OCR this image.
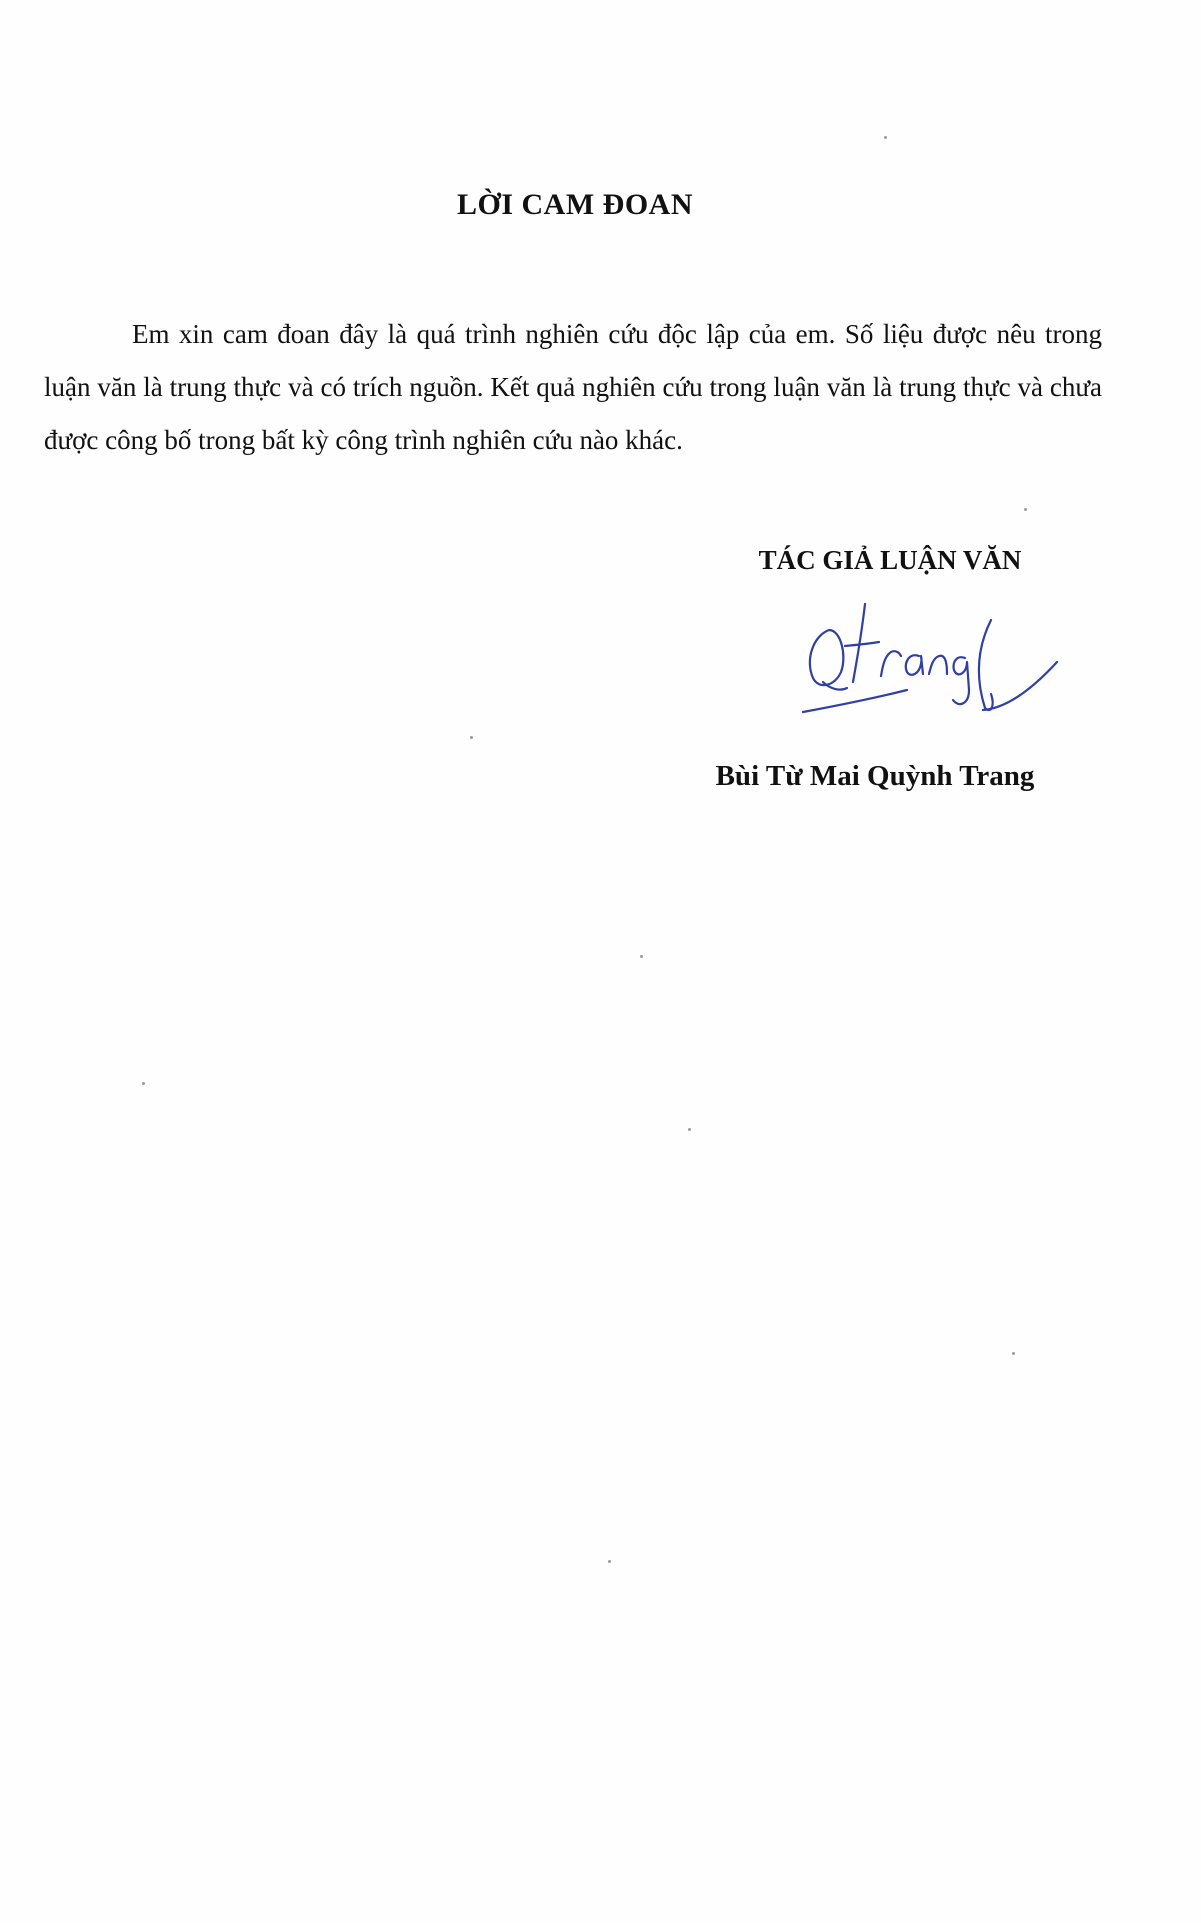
LỜI CAM ĐOAN

Em xin cam đoan đây là quá trình nghiên cứu độc lập của em. Số liệu được nêu trong luận văn là trung thực và có trích nguồn. Kết quả nghiên cứu trong luận văn là trung thực và chưa được công bố trong bất kỳ công trình nghiên cứu nào khác.

TÁC GIẢ LUẬN VĂN

Bùi Từ Mai Quỳnh Trang
